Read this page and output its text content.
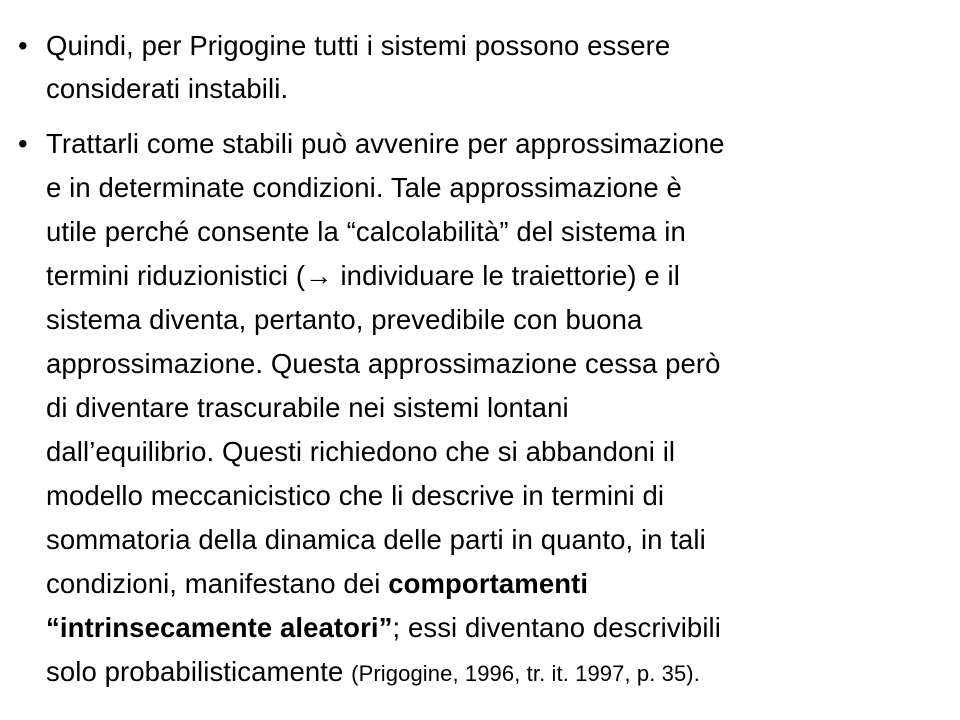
• Quindi, per Prigogine tutti i sistemi possono essere
considerati instabili.
• Trattarli come stabili può avvenire per approssimazione
e in determinate condizioni. Tale approssimazione è
utile perché consente la “calcolabilità” del sistema in
termini riduzionistici (→ individuare le traiettorie) e il
sistema diventa, pertanto, prevedibile con buona
approssimazione. Questa approssimazione cessa però
di diventare trascurabile nei sistemi lontani
dall’equilibrio. Questi richiedono che si abbandoni il
modello meccanicistico che li descrive in termini di
sommatoria della dinamica delle parti in quanto, in tali
condizioni, manifestano dei comportamenti
“intrinsecamente aleatori”; essi diventano descrivibili
solo probabilisticamente (Prigogine, 1996, tr. it. 1997, p. 35).
